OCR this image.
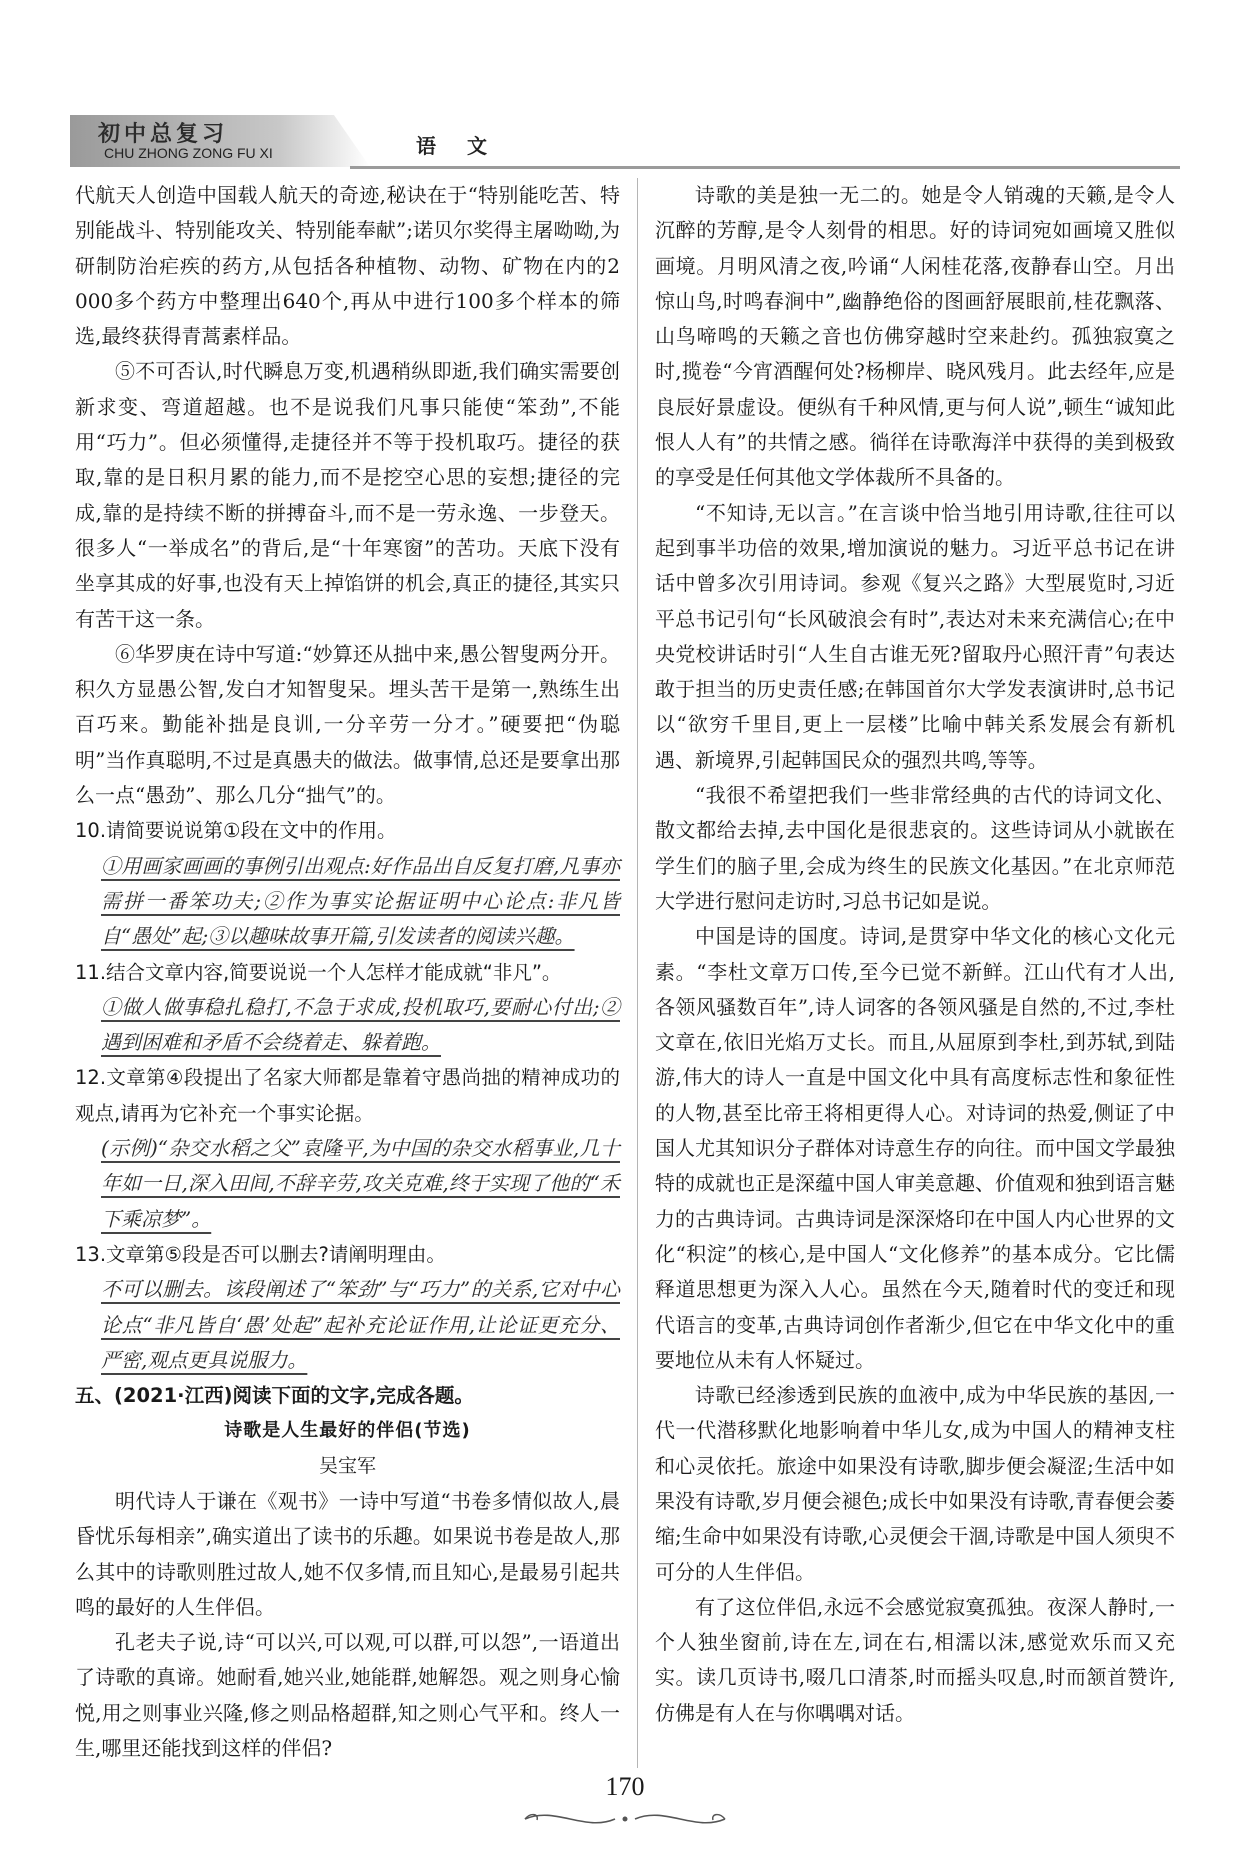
初中总复习
CHU ZHONG ZONG FU XI	语 文

代航天人创造中国载人航天的奇迹,秘诀在于“特别能吃苦、特别能战斗、特别能攻关、特别能奉献”;诺贝尔奖得主屠呦呦,为研制防治疟疾的药方,从包括各种植物、动物、矿物在内的2 000多个药方中整理出640个,再从中进行100多个样本的筛选,最终获得青蒿素样品。

⑤不可否认,时代瞬息万变,机遇稍纵即逝,我们确实需要创新求变、弯道超越。也不是说我们凡事只能使“笨劲”,不能用“巧力”。但必须懂得,走捷径并不等于投机取巧。捷径的获取,靠的是日积月累的能力,而不是挖空心思的妄想;捷径的完成,靠的是持续不断的拼搏奋斗,而不是一劳永逸、一步登天。很多人“一举成名”的背后,是“十年寒窗”的苦功。天底下没有坐享其成的好事,也没有天上掉馅饼的机会,真正的捷径,其实只有苦干这一条。

⑥华罗庚在诗中写道:“妙算还从拙中来,愚公智叟两分开。积久方显愚公智,发白才知智叟呆。埋头苦干是第一,熟练生出百巧来。勤能补拙是良训,一分辛劳一分才。”硬要把“伪聪明”当作真聪明,不过是真愚夫的做法。做事情,总还是要拿出那么一点“愚劲”、那么几分“拙气”的。

10.请简要说说第①段在文中的作用。

①用画家画画的事例引出观点:好作品出自反复打磨,凡事亦需拼一番笨功夫;②作为事实论据证明中心论点:非凡皆自“愚处”起;③以趣味故事开篇,引发读者的阅读兴趣。

11.结合文章内容,简要说说一个人怎样才能成就“非凡”。

①做人做事稳扎稳打,不急于求成,投机取巧,要耐心付出;②遇到困难和矛盾不会绕着走、躲着跑。

12.文章第④段提出了名家大师都是靠着守愚尚拙的精神成功的观点,请再为它补充一个事实论据。

(示例)“杂交水稻之父”袁隆平,为中国的杂交水稻事业,几十年如一日,深入田间,不辞辛劳,攻关克难,终于实现了他的“禾下乘凉梦”。

13.文章第⑤段是否可以删去?请阐明理由。

不可以删去。该段阐述了“笨劲”与“巧力”的关系,它对中心论点“非凡皆自‘愚’处起”起补充论证作用,让论证更充分、严密,观点更具说服力。

五、(2021·江西)阅读下面的文字,完成各题。

诗歌是人生最好的伴侣(节选)

吴宝军

明代诗人于谦在《观书》一诗中写道“书卷多情似故人,晨昏忧乐每相亲”,确实道出了读书的乐趣。如果说书卷是故人,那么其中的诗歌则胜过故人,她不仅多情,而且知心,是最易引起共鸣的最好的人生伴侣。

孔老夫子说,诗“可以兴,可以观,可以群,可以怨”,一语道出了诗歌的真谛。她耐看,她兴业,她能群,她解怨。观之则身心愉悦,用之则事业兴隆,修之则品格超群,知之则心气平和。终人一生,哪里还能找到这样的伴侣?

诗歌的美是独一无二的。她是令人销魂的天籁,是令人沉醉的芳醇,是令人刻骨的相思。好的诗词宛如画境又胜似画境。月明风清之夜,吟诵“人闲桂花落,夜静春山空。月出惊山鸟,时鸣春涧中”,幽静绝俗的图画舒展眼前,桂花飘落、山鸟啼鸣的天籁之音也仿佛穿越时空来赴约。孤独寂寞之时,揽卷“今宵酒醒何处?杨柳岸、晓风残月。此去经年,应是良辰好景虚设。便纵有千种风情,更与何人说”,顿生“诚知此恨人人有”的共情之感。徜徉在诗歌海洋中获得的美到极致的享受是任何其他文学体裁所不具备的。

“不知诗,无以言。”在言谈中恰当地引用诗歌,往往可以起到事半功倍的效果,增加演说的魅力。习近平总书记在讲话中曾多次引用诗词。参观《复兴之路》大型展览时,习近平总书记引句“长风破浪会有时”,表达对未来充满信心;在中央党校讲话时引“人生自古谁无死?留取丹心照汗青”句表达敢于担当的历史责任感;在韩国首尔大学发表演讲时,总书记以“欲穷千里目,更上一层楼”比喻中韩关系发展会有新机遇、新境界,引起韩国民众的强烈共鸣,等等。

“我很不希望把我们一些非常经典的古代的诗词文化、散文都给去掉,去中国化是很悲哀的。这些诗词从小就嵌在学生们的脑子里,会成为终生的民族文化基因。”在北京师范大学进行慰问走访时,习总书记如是说。

中国是诗的国度。诗词,是贯穿中华文化的核心文化元素。“李杜文章万口传,至今已觉不新鲜。江山代有才人出,各领风骚数百年”,诗人词客的各领风骚是自然的,不过,李杜文章在,依旧光焰万丈长。而且,从屈原到李杜,到苏轼,到陆游,伟大的诗人一直是中国文化中具有高度标志性和象征性的人物,甚至比帝王将相更得人心。对诗词的热爱,侧证了中国人尤其知识分子群体对诗意生存的向往。而中国文学最独特的成就也正是深蕴中国人审美意趣、价值观和独到语言魅力的古典诗词。古典诗词是深深烙印在中国人内心世界的文化“积淀”的核心,是中国人“文化修养”的基本成分。它比儒释道思想更为深入人心。虽然在今天,随着时代的变迁和现代语言的变革,古典诗词创作者渐少,但它在中华文化中的重要地位从未有人怀疑过。

诗歌已经渗透到民族的血液中,成为中华民族的基因,一代一代潜移默化地影响着中华儿女,成为中国人的精神支柱和心灵依托。旅途中如果没有诗歌,脚步便会凝涩;生活中如果没有诗歌,岁月便会褪色;成长中如果没有诗歌,青春便会萎缩;生命中如果没有诗歌,心灵便会干涸,诗歌是中国人须臾不可分的人生伴侣。

有了这位伴侣,永远不会感觉寂寞孤独。夜深人静时,一个人独坐窗前,诗在左,词在右,相濡以沫,感觉欢乐而又充实。读几页诗书,啜几口清茶,时而摇头叹息,时而颔首赞许,仿佛是有人在与你喁喁对话。

170
